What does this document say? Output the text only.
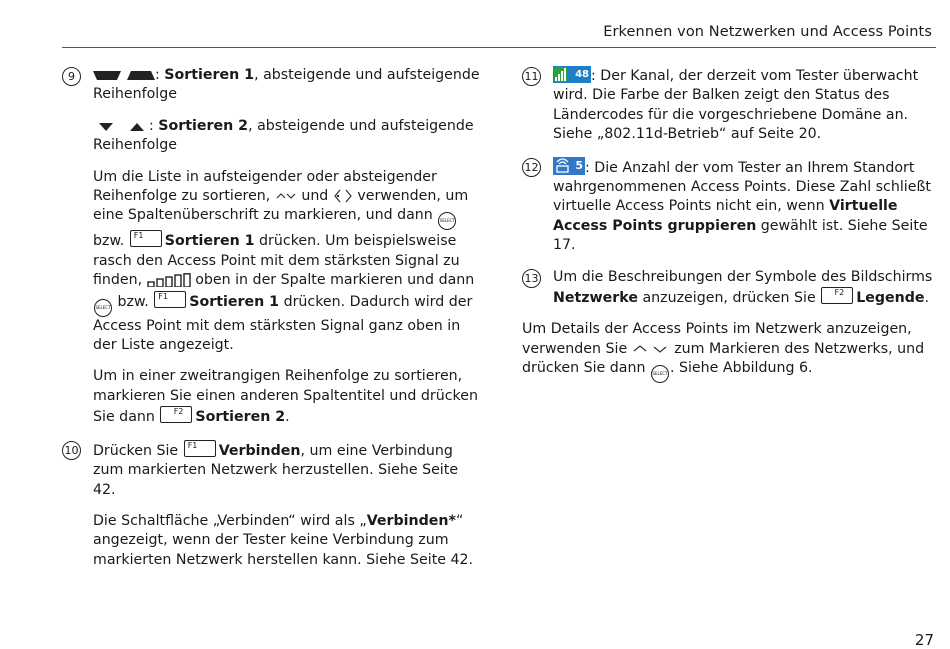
Erkennen von Netzwerken und Access Points
9	: Sortieren 1, absteigende und aufsteigende Reihenfolge

: Sortieren 2, absteigende und aufsteigende Reihenfolge

Um die Liste in aufsteigender oder absteigender Reihenfolge zu sortieren,  und  verwenden, um eine Spaltenüberschrift zu markieren, und dann SELECT bzw. F1 Sortieren 1 drücken. Um beispielsweise rasch den Access Point mit dem stärksten Signal zu finden,	oben in der Spalte markieren und dann SELECT bzw. F1 Sortieren 1 drücken. Dadurch wird der Access Point mit dem stärksten Signal ganz oben in der Liste angezeigt.

Um in einer zweitrangigen Reihenfolge zu sortieren, markieren Sie einen anderen Spaltentitel und drücken Sie dann F2 Sortieren 2.

10 Drücken Sie F1 Verbinden, um eine Verbindung zum markierten Netzwerk herzustellen. Siehe Seite 42.

Die Schaltfläche „Verbinden“ wird als „Verbinden*“ angezeigt, wenn der Tester keine Verbindung zum markierten Netzwerk herstellen kann. Siehe Seite 42.

11	48 : Der Kanal, der derzeit vom Tester überwacht wird. Die Farbe der Balken zeigt den Status des Ländercodes für die vorgeschriebene Domäne an. Siehe „802.11d-Betrieb“ auf Seite 20.

12	5 : Die Anzahl der vom Tester an Ihrem Standort wahrgenommenen Access Points. Diese Zahl schließt virtuelle Access Points nicht ein, wenn Virtuelle Access Points gruppieren gewählt ist. Siehe Seite 17.

13 Um die Beschreibungen der Symbole des Bildschirms Netzwerke anzuzeigen, drücken Sie F2 Legende.

Um Details der Access Points im Netzwerk anzuzeigen, verwenden Sie	zum Markieren des Netzwerks, und drücken Sie dann SELECT . Siehe Abbildung 6.

27
